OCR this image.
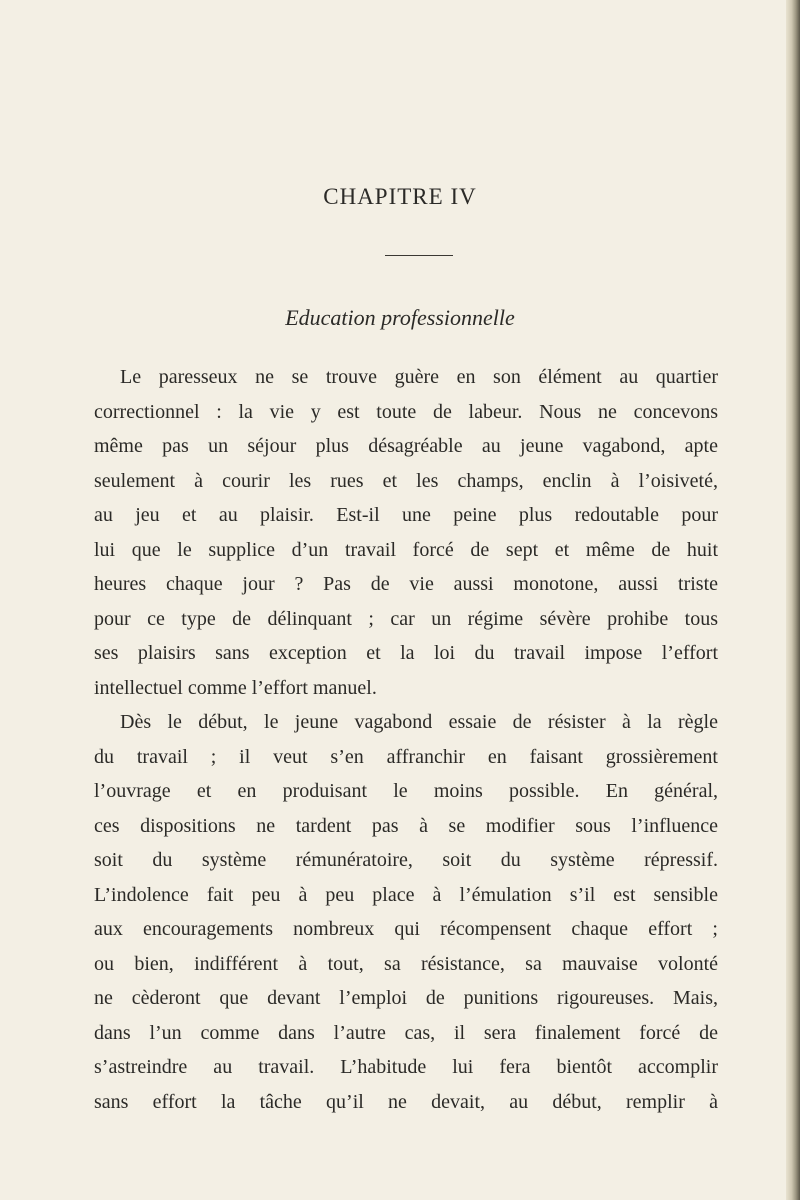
CHAPITRE IV
Education professionnelle
Le paresseux ne se trouve guère en son élément au quartier
correctionnel : la vie y est toute de labeur. Nous ne concevons
même pas un séjour plus désagréable au jeune vagabond, apte
seulement à courir les rues et les champs, enclin à l’oisiveté,
au jeu et au plaisir. Est-il une peine plus redoutable pour
lui que le supplice d’un travail forcé de sept et même de huit
heures chaque jour ? Pas de vie aussi monotone, aussi triste
pour ce type de délinquant ; car un régime sévère prohibe tous
ses plaisirs sans exception et la loi du travail impose l’effort
intellectuel comme l’effort manuel.
Dès le début, le jeune vagabond essaie de résister à la règle
du travail ; il veut s’en affranchir en faisant grossièrement
l’ouvrage et en produisant le moins possible. En général,
ces dispositions ne tardent pas à se modifier sous l’influence
soit du système rémunératoire, soit du système répressif.
L’indolence fait peu à peu place à l’émulation s’il est sensible
aux encouragements nombreux qui récompensent chaque effort ;
ou bien, indifférent à tout, sa résistance, sa mauvaise volonté
ne cèderont que devant l’emploi de punitions rigoureuses. Mais,
dans l’un comme dans l’autre cas, il sera finalement forcé de
s’astreindre au travail. L’habitude lui fera bientôt accomplir
sans effort la tâche qu’il ne devait, au début, remplir à
